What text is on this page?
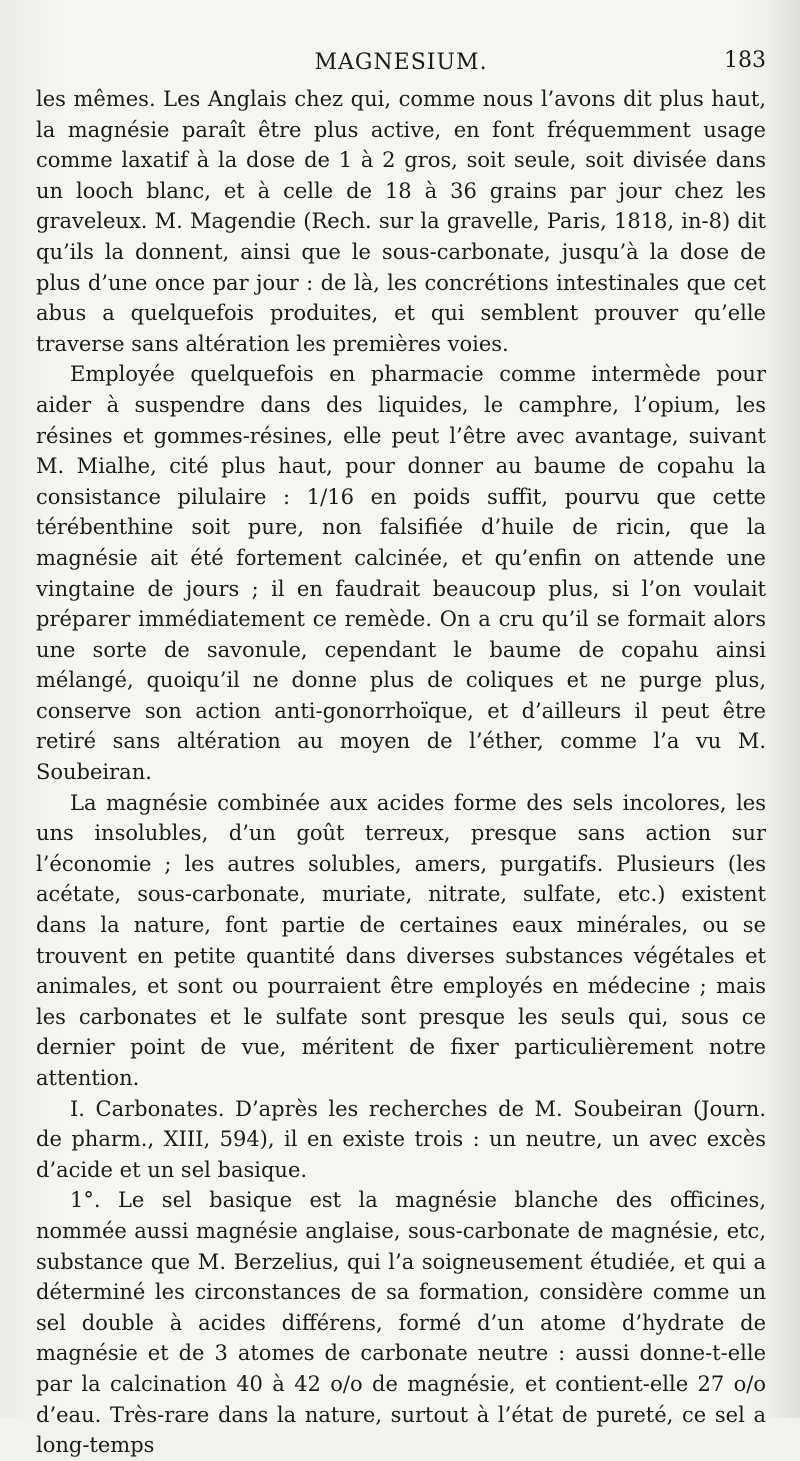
MAGNESIUM.	183

les mêmes. Les Anglais chez qui, comme nous l’avons dit plus haut, la magnésie paraît être plus active, en font fréquemment usage comme laxatif à la dose de 1 à 2 gros, soit seule, soit divisée dans un looch blanc, et à celle de 18 à 36 grains par jour chez les graveleux. M. Magendie (Rech. sur la gravelle, Paris, 1818, in-8) dit qu’ils la donnent, ainsi que le sous-carbonate, jusqu’à la dose de plus d’une once par jour : de là, les concrétions intestinales que cet abus a quelquefois produites, et qui semblent prouver qu’elle traverse sans altération les premières voies.

Employée quelquefois en pharmacie comme intermède pour aider à suspendre dans des liquides, le camphre, l’opium, les résines et gommes-résines, elle peut l’être avec avantage, suivant M. Mialhe, cité plus haut, pour donner au baume de copahu la consistance pilulaire : 1/16 en poids suffit, pourvu que cette térébenthine soit pure, non falsifiée d’huile de ricin, que la magnésie ait été fortement calcinée, et qu’enfin on attende une vingtaine de jours ; il en faudrait beaucoup plus, si l’on voulait préparer immédiatement ce remède. On a cru qu’il se formait alors une sorte de savonule, cependant le baume de copahu ainsi mélangé, quoiqu’il ne donne plus de coliques et ne purge plus, conserve son action anti-gonorrhoïque, et d’ailleurs il peut être retiré sans altération au moyen de l’éther, comme l’a vu M. Soubeiran.

La magnésie combinée aux acides forme des sels incolores, les uns insolubles, d’un goût terreux, presque sans action sur l’économie ; les autres solubles, amers, purgatifs. Plusieurs (les acétate, sous-carbonate, muriate, nitrate, sulfate, etc.) existent dans la nature, font partie de certaines eaux minérales, ou se trouvent en petite quantité dans diverses substances végétales et animales, et sont ou pourraient être employés en médecine ; mais les carbonates et le sulfate sont presque les seuls qui, sous ce dernier point de vue, méritent de fixer particulièrement notre attention.

I. Carbonates. D’après les recherches de M. Soubeiran (Journ. de pharm., XIII, 594), il en existe trois : un neutre, un avec excès d’acide et un sel basique.

1°. Le sel basique est la magnésie blanche des officines, nommée aussi magnésie anglaise, sous-carbonate de magnésie, etc, substance que M. Berzelius, qui l’a soigneusement étudiée, et qui a déterminé les circonstances de sa formation, considère comme un sel double à acides différens, formé d’un atome d’hydrate de magnésie et de 3 atomes de carbonate neutre : aussi donne-t-elle par la calcination 40 à 42 o/o de magnésie, et contient-elle 27 o/o d’eau. Très-rare dans la nature, surtout à l’état de pureté, ce sel a long-temps
